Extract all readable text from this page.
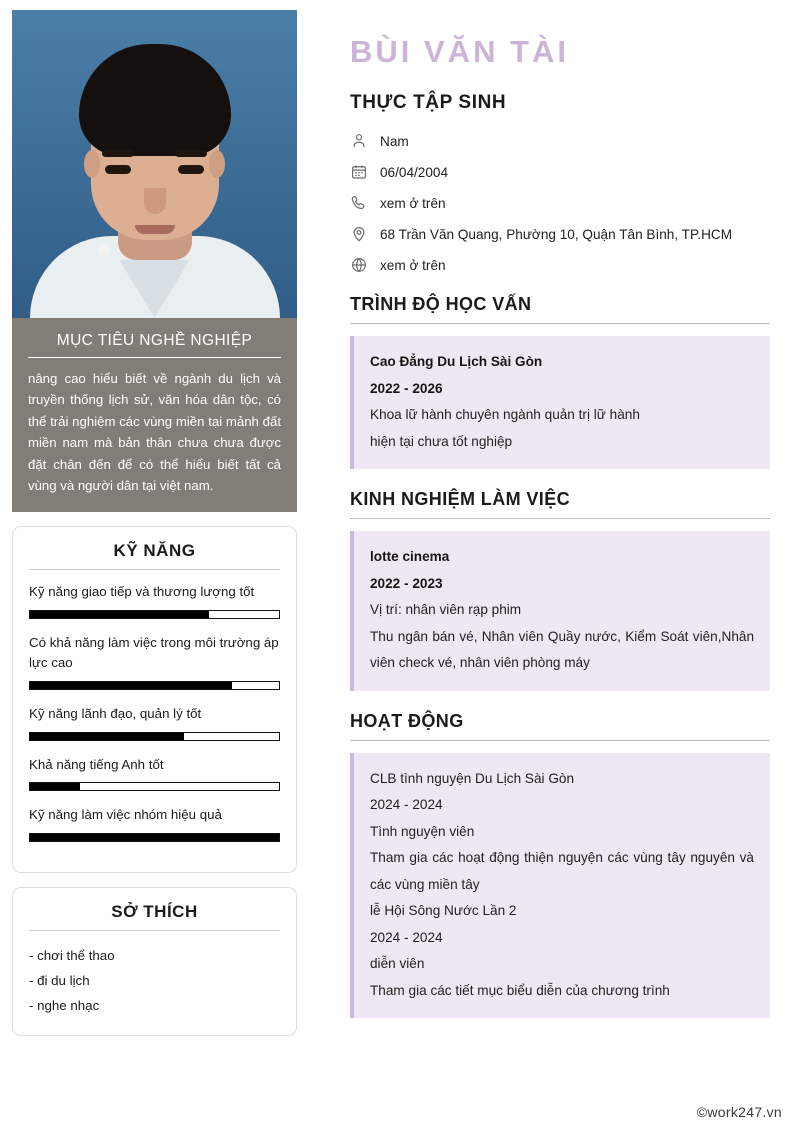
MỤC TIÊU NGHỀ NGHIỆP
nâng cao hiểu biết về ngành du lịch và truyền thống lịch sử, văn hóa dân tộc, có thể trải nghiệm các vùng miền tại mảnh đất miền nam mà bản thân chưa chưa được đặt chân đến để có thể hiểu biết tất cả vùng và người dân tại việt nam.
KỸ NĂNG
Kỹ năng giao tiếp và thương lượng tốt
Có khả năng làm việc trong môi trường áp lực cao
Kỹ năng lãnh đạo, quản lý tốt
Khả năng tiếng Anh tốt
Kỹ năng làm việc nhóm hiệu quả
SỞ THÍCH
- chơi thể thao
- đi du lịch
- nghe nhạc
BÙI VĂN TÀI
THỰC TẬP SINH
Nam
06/04/2004
xem ở trên
68 Trần Văn Quang, Phường 10, Quận Tân Bình, TP.HCM
xem ở trên
TRÌNH ĐỘ HỌC VẤN
Cao Đẳng Du Lịch Sài Gòn
2022 - 2026
Khoa lữ hành chuyên ngành quản trị lữ hành
hiện tại chưa tốt nghiệp
KINH NGHIỆM LÀM VIỆC
lotte cinema
2022 - 2023
Vị trí: nhân viên rạp phim
Thu ngân bán vé, Nhân viên Quầy nước, Kiểm Soát viên,Nhân viên check vé, nhân viên phòng máy
HOẠT ĐỘNG
CLB tình nguyện Du Lịch Sài Gòn
2024 - 2024
Tình nguyện viên
Tham gia các hoạt động thiện nguyện các vùng tây nguyên và các vùng miền tây
lễ Hội Sông Nước Lần 2
2024 - 2024
diễn viên
Tham gia các tiết mục biểu diễn của chương trình
©work247.vn
